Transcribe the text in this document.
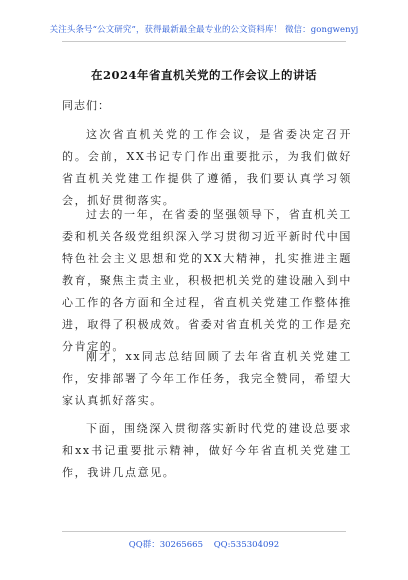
关注头条号“公文研究”，获得最新最全最专业的公文资料库！ 微信：gongwenyj
在2024年省直机关党的工作会议上的讲话
同志们：
这次省直机关党的工作会议，是省委决定召开的。会前，XX书记专门作出重要批示，为我们做好省直机关党建工作提供了遵循，我们要认真学习领会，抓好贯彻落实。
过去的一年，在省委的坚强领导下，省直机关工委和机关各级党组织深入学习贯彻习近平新时代中国特色社会主义思想和党的XX大精神，扎实推进主题教育，聚焦主责主业，积极把机关党的建设融入到中心工作的各方面和全过程，省直机关党建工作整体推进，取得了积极成效。省委对省直机关党的工作是充分肯定的。
刚才，xx同志总结回顾了去年省直机关党建工作，安排部署了今年工作任务，我完全赞同，希望大家认真抓好落实。
下面，围绕深入贯彻落实新时代党的建设总要求和xx书记重要批示精神，做好今年省直机关党建工作，我讲几点意见。
QQ群：30265665 QQ:535304092
